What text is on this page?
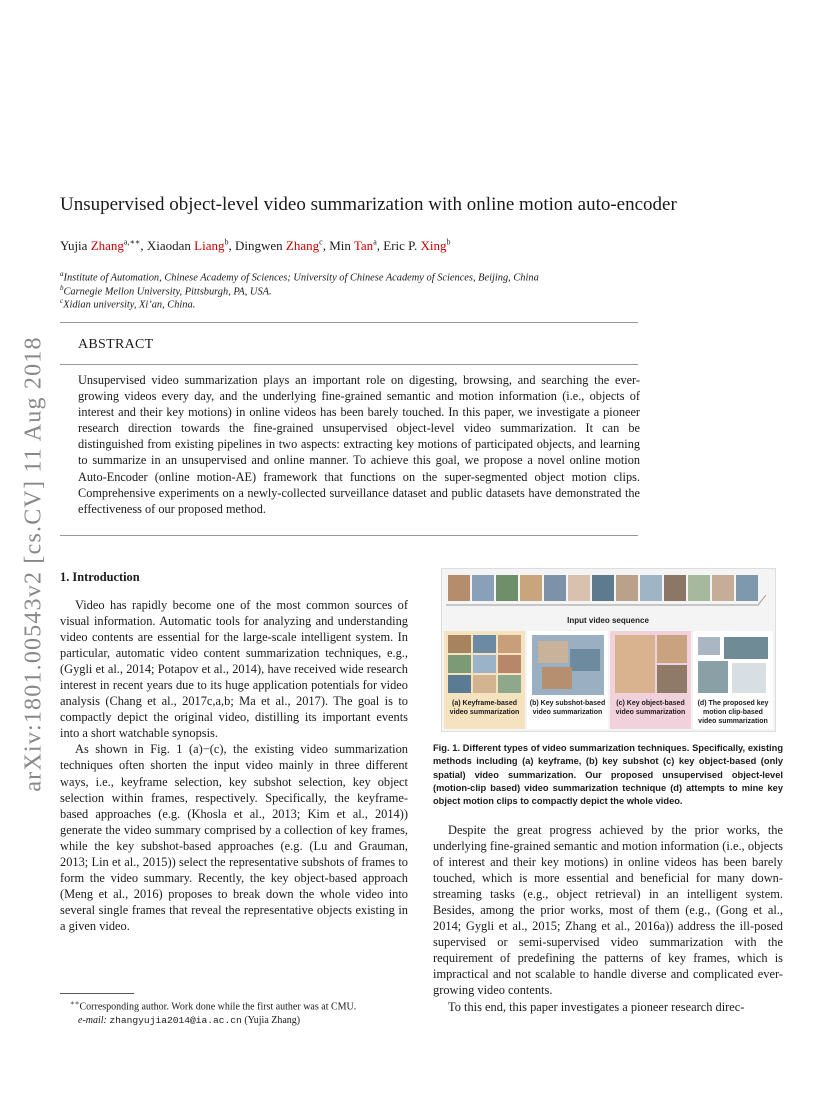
arXiv:1801.00543v2 [cs.CV] 11 Aug 2018
Unsupervised object-level video summarization with online motion auto-encoder
Yujia Zhang$^{a,∗∗}$, Xiaodan Liang$^b$, Dingwen Zhang$^c$, Min Tan$^a$, Eric P. Xing$^b$
$^a$Institute of Automation, Chinese Academy of Sciences; University of Chinese Academy of Sciences, Beijing, China
$^b$Carnegie Mellon University, Pittsburgh, PA, USA.
$^c$Xidian university, Xi’an, China.
ABSTRACT
Unsupervised video summarization plays an important role on digesting, browsing, and searching the ever-growing videos every day, and the underlying fine-grained semantic and motion information (i.e., objects of interest and their key motions) in online videos has been barely touched. In this paper, we investigate a pioneer research direction towards the fine-grained unsupervised object-level video summarization. It can be distinguished from existing pipelines in two aspects: extracting key motions of participated objects, and learning to summarize in an unsupervised and online manner. To achieve this goal, we propose a novel online motion Auto-Encoder (online motion-AE) framework that functions on the super-segmented object motion clips. Comprehensive experiments on a newly-collected surveillance dataset and public datasets have demonstrated the effectiveness of our proposed method.
1. Introduction

Video has rapidly become one of the most common sources of visual information. Automatic tools for analyzing and understanding video contents are essential for the large-scale intelligent system. In particular, automatic video content summarization techniques, e.g., (Gygli et al., 2014; Potapov et al., 2014), have received wide research interest in recent years due to its huge application potentials for video analysis (Chang et al., 2017c,a,b; Ma et al., 2017). The goal is to compactly depict the original video, distilling its important events into a short watchable synopsis.

As shown in Fig. 1 (a)−(c), the existing video summarization techniques often shorten the input video mainly in three different ways, i.e., keyframe selection, key subshot selection, key object selection within frames, respectively. Specifically, the keyframe-based approaches (e.g. (Khosla et al., 2013; Kim et al., 2014)) generate the video summary comprised by a collection of key frames, while the key subshot-based approaches (e.g. (Lu and Grauman, 2013; Lin et al., 2015)) select the representative subshots of frames to form the video summary. Recently, the key object-based approach (Meng et al., 2016) proposes to break down the whole video into several single frames that reveal the representative objects existing in a given video.

∗∗Corresponding author. Work done while the first auther was at CMU.
e-mail: zhangyujia2014@ia.ac.cn (Yujia Zhang)
Input video sequence
(a) Keyframe-based video summarization
(b) Key subshot-based video summarization
(c) Key object-based video summarization
(d) The proposed key motion clip-based video summarization
Fig. 1. Different types of video summarization techniques. Specifically, existing methods including (a) keyframe, (b) key subshot (c) key object-based (only spatial) video summarization. Our proposed unsupervised object-level (motion-clip based) video summarization technique (d) attempts to mine key object motion clips to compactly depict the whole video.

Despite the great progress achieved by the prior works, the underlying fine-grained semantic and motion information (i.e., objects of interest and their key motions) in online videos has been barely touched, which is more essential and beneficial for many down-streaming tasks (e.g., object retrieval) in an intelligent system. Besides, among the prior works, most of them (e.g., (Gong et al., 2014; Gygli et al., 2015; Zhang et al., 2016a)) address the ill-posed supervised or semi-supervised video summarization with the requirement of predefining the patterns of key frames, which is impractical and not scalable to handle diverse and complicated ever-growing video contents.

To this end, this paper investigates a pioneer research direc-
